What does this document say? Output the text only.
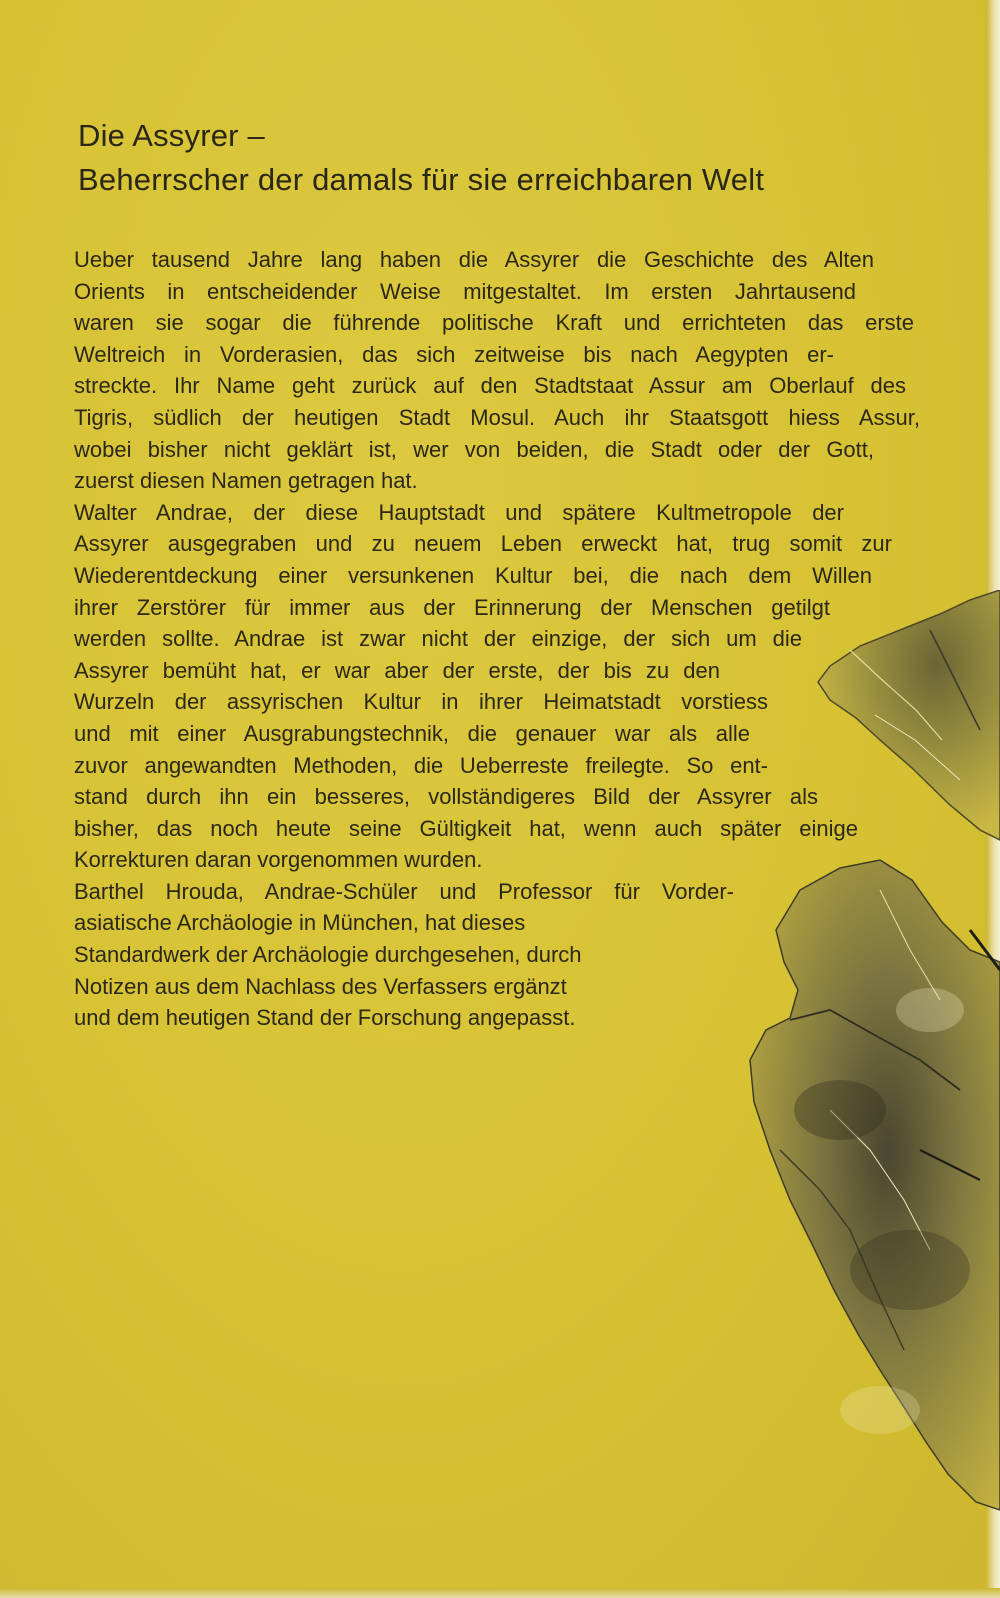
Die Assyrer –
Beherrscher der damals für sie erreichbaren Welt
Ueber tausend Jahre lang haben die Assyrer die Geschichte des Alten
Orients in entscheidender Weise mitgestaltet. Im ersten Jahrtausend
waren sie sogar die führende politische Kraft und errichteten das erste
Weltreich in Vorderasien, das sich zeitweise bis nach Aegypten er-
streckte. Ihr Name geht zurück auf den Stadtstaat Assur am Oberlauf des
Tigris, südlich der heutigen Stadt Mosul. Auch ihr Staatsgott hiess Assur,
wobei bisher nicht geklärt ist, wer von beiden, die Stadt oder der Gott,
zuerst diesen Namen getragen hat.
Walter Andrae, der diese Hauptstadt und spätere Kultmetropole der
Assyrer ausgegraben und zu neuem Leben erweckt hat, trug somit zur
Wiederentdeckung einer versunkenen Kultur bei, die nach dem Willen
ihrer Zerstörer für immer aus der Erinnerung der Menschen getilgt
werden sollte. Andrae ist zwar nicht der einzige, der sich um die
Assyrer bemüht hat, er war aber der erste, der bis zu den
Wurzeln der assyrischen Kultur in ihrer Heimatstadt vorstiess
und mit einer Ausgrabungstechnik, die genauer war als alle
zuvor angewandten Methoden, die Ueberreste freilegte. So ent-
stand durch ihn ein besseres, vollständigeres Bild der Assyrer als
bisher, das noch heute seine Gültigkeit hat, wenn auch später einige
Korrekturen daran vorgenommen wurden.
Barthel Hrouda, Andrae-Schüler und Professor für Vorder-
asiatische Archäologie in München, hat dieses
Standardwerk der Archäologie durchgesehen, durch
Notizen aus dem Nachlass des Verfassers ergänzt
und dem heutigen Stand der Forschung angepasst.
